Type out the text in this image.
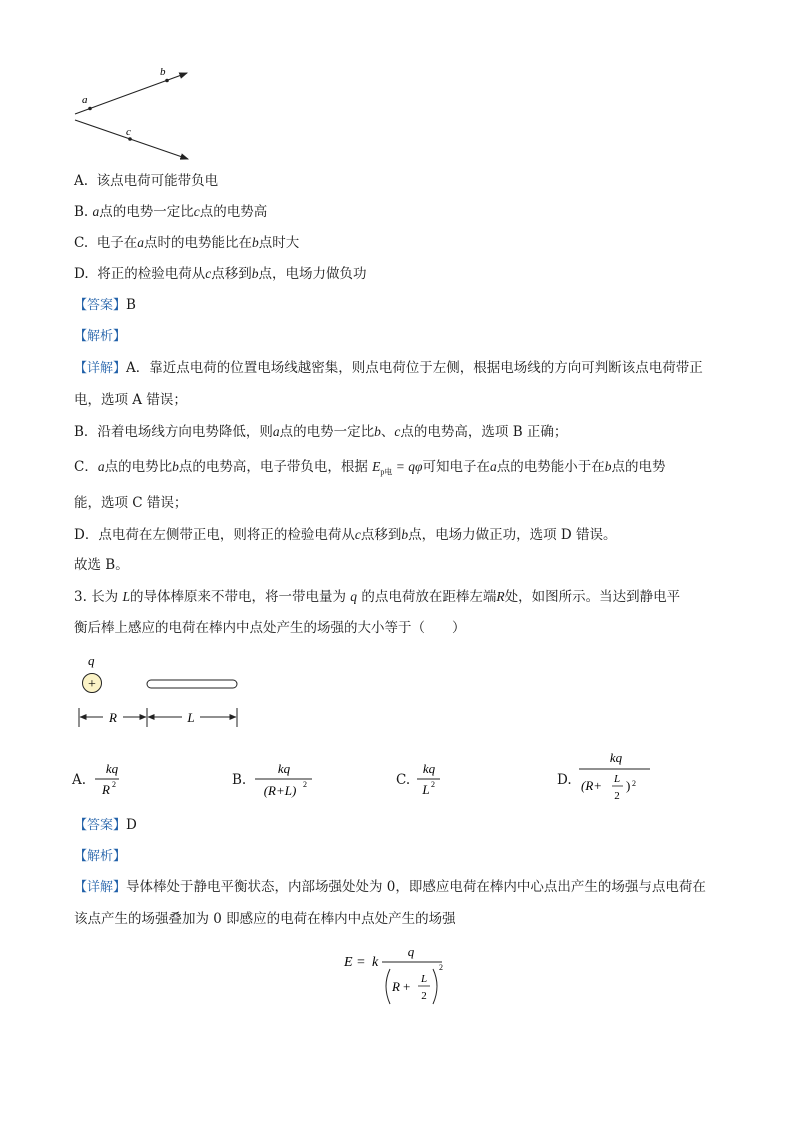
a
b
c
A. 该点电荷可能带负电
B. a点的电势一定比c点的电势高
C. 电子在a点时的电势能比在b点时大
D. 将正的检验电荷从c点移到b点，电场力做负功
【答案】B
【解析】
【详解】A．靠近点电荷的位置电场线越密集，则点电荷位于左侧，根据电场线的方向可判断该点电荷带正
电，选项 A 错误；
B．沿着电场线方向电势降低，则a点的电势一定比b、c点的电势高，选项 B 正确；
C．a点的电势比b点的电势高，电子带负电，根据 $E_{p电} = q\varphi$可知电子在a点的电势能小于在b点的电势
能，选项 C 错误；
D．点电荷在左侧带正电，则将正的检验电荷从c点移到b点，电场力做正功，选项 D 错误。
故选 B。
3. 长为 L的导体棒原来不带电，将一带电量为 q 的点电荷放在距棒左端R处，如图所示。当达到静电平
衡后棒上感应的电荷在棒内中点处产生的场强的大小等于（　　）
q
+
R	L
A.
kq
R 2	B.
kq
(R+L) 2	C.
kq
L 2	D.
kq
(R+ L
2
) 2
【答案】D
【解析】
【详解】导体棒处于静电平衡状态，内部场强处处为 0，即感应电荷在棒内中心点出产生的场强与点电荷在
该点产生的场强叠加为 0 即感应的电荷在棒内中点处产生的场强
E = k
q
R + L
2
2
